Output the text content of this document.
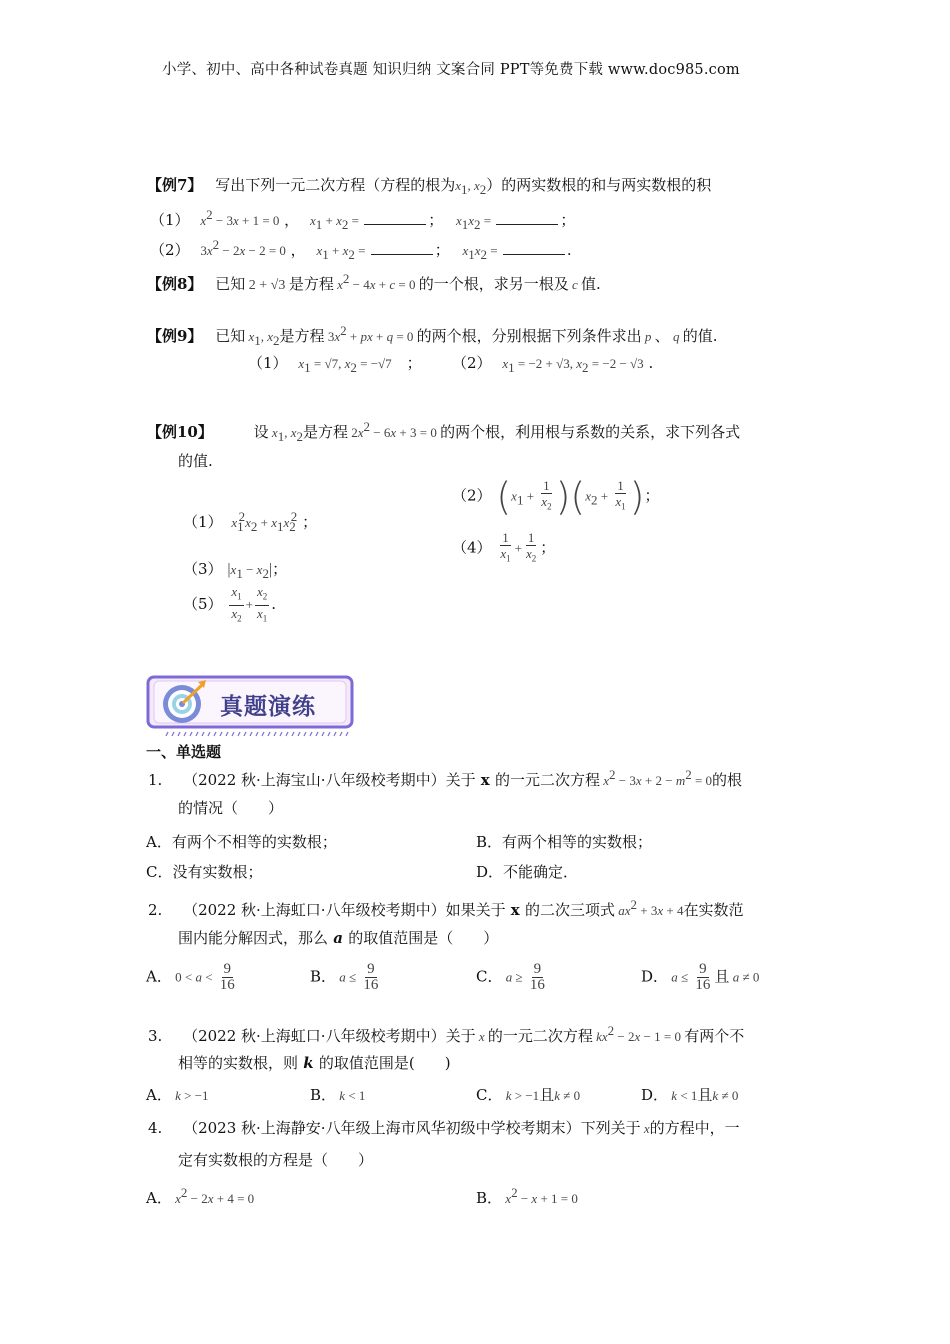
小学、初中、高中各种试卷真题 知识归纳 文案合同 PPT等免费下载 www.doc985.com
【例7】 写出下列一元二次方程（方程的根为$x_1$, $x_2$）的两实数根的和与两实数根的积
（1） $x^2 - 3x + 1 = 0$ ， $x_1 + x_2$ =	； $x_1x_2$ =	；
（2） $3x^2 - 2x - 2 = 0$ ， $x_1 + x_2$ =	； $x_1x_2$ =	.
【例8】 已知 2 + √3 是方程 $x^2 - 4x + c = 0$ 的一个根，求另一根及 c 值.
【例9】 已知 $x_1$, $x_2$是方程 $3x^2$ + px + q = 0 的两个根，分别根据下列条件求出 p 、 q 的值.
（1） $x_1 = √7$, $x_2 = -√7$　； （2） $x_1 = -2 + √3$, $x_2 = -2 - √3$ .
【例10】	设 $x_1$, $x_2$是方程 $2x^2 - 6x + 3 = 0$ 的两个根，利用根与系数的关系，求下列各式
的值.
（1） $x_1^2x_2 + x_1x_2^2$ ；
（2） $(x_1 + \frac{1}{x_2} )(x_2 + \frac{1}{x_1}$ )；
（3） $|x_1 - x_2|$；
$(4) \frac{1}{x_1} + \frac{1}{x_2}$ ；
$(5) \frac{x_1}{x_2} + \frac{x_2}{x_1}$ .
真题演练
一、单选题
1. （2022 秋·上海宝山·八年级校考期中）关于 x 的一元二次方程 $x^2 - 3x + 2 - m^2 = 0$的根
的情况（　　）
A．有两个不相等的实数根；	B．有两个相等的实数根；
C．没有实数根；	D．不能确定．
2. （2022 秋·上海虹口·八年级校考期中）如果关于 x 的二次三项式 $ax^2 + 3x + 4$在实数范
围内能分解因式，那么 a 的取值范围是（　　）
A． $0 < a < \frac{9}{16}$	B． $a \le \frac{9}{16}$	C． $a \ge \frac{9}{16}$	D． $a \le \frac{9}{16}$ 且 a ≠ 0
3. （2022 秋·上海虹口·八年级校考期中）关于 x 的一元二次方程 $kx^2 - 2x - 1 = 0$ 有两个不
相等的实数根，则 k 的取值范围是(　　)
A． k > −1	B． k < 1	C． k > −1且k ≠ 0	D． k < 1且k ≠ 0
4. （2023 秋·上海静安·八年级上海市风华初级中学校考期末）下列关于 x的方程中，一
定有实数根的方程是（　　）
A． $x^2 - 2x + 4 = 0$	B． $x^2 - x + 1 = 0$
